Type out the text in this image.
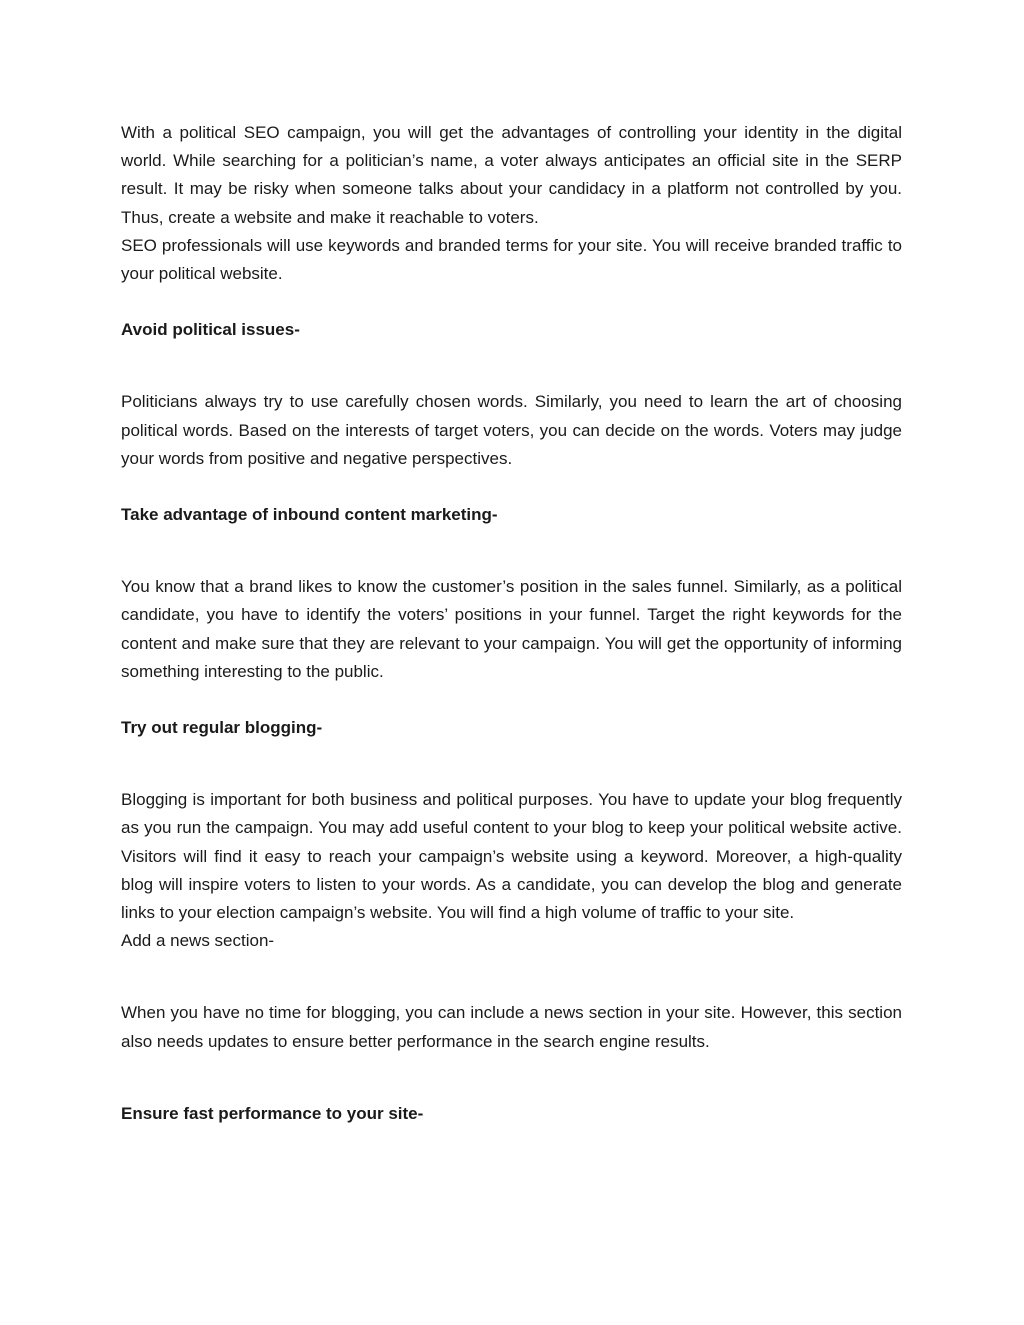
With a political SEO campaign, you will get the advantages of controlling your identity in the digital world. While searching for a politician’s name, a voter always anticipates an official site in the SERP result. It may be risky when someone talks about your candidacy in a platform not controlled by you. Thus, create a website and make it reachable to voters.

SEO professionals will use keywords and branded terms for your site. You will receive branded traffic to your political website.

Avoid political issues-

Politicians always try to use carefully chosen words. Similarly, you need to learn the art of choosing political words. Based on the interests of target voters, you can decide on the words. Voters may judge your words from positive and negative perspectives.

Take advantage of inbound content marketing-

You know that a brand likes to know the customer’s position in the sales funnel. Similarly, as a political candidate, you have to identify the voters’ positions in your funnel. Target the right keywords for the content and make sure that they are relevant to your campaign. You will get the opportunity of informing something interesting to the public.

Try out regular blogging-

Blogging is important for both business and political purposes. You have to update your blog frequently as you run the campaign. You may add useful content to your blog to keep your political website active. Visitors will find it easy to reach your campaign’s website using a keyword. Moreover, a high-quality blog will inspire voters to listen to your words. As a candidate, you can develop the blog and generate links to your election campaign’s website. You will find a high volume of traffic to your site.

Add a news section-

When you have no time for blogging, you can include a news section in your site. However, this section also needs updates to ensure better performance in the search engine results.

Ensure fast performance to your site-
